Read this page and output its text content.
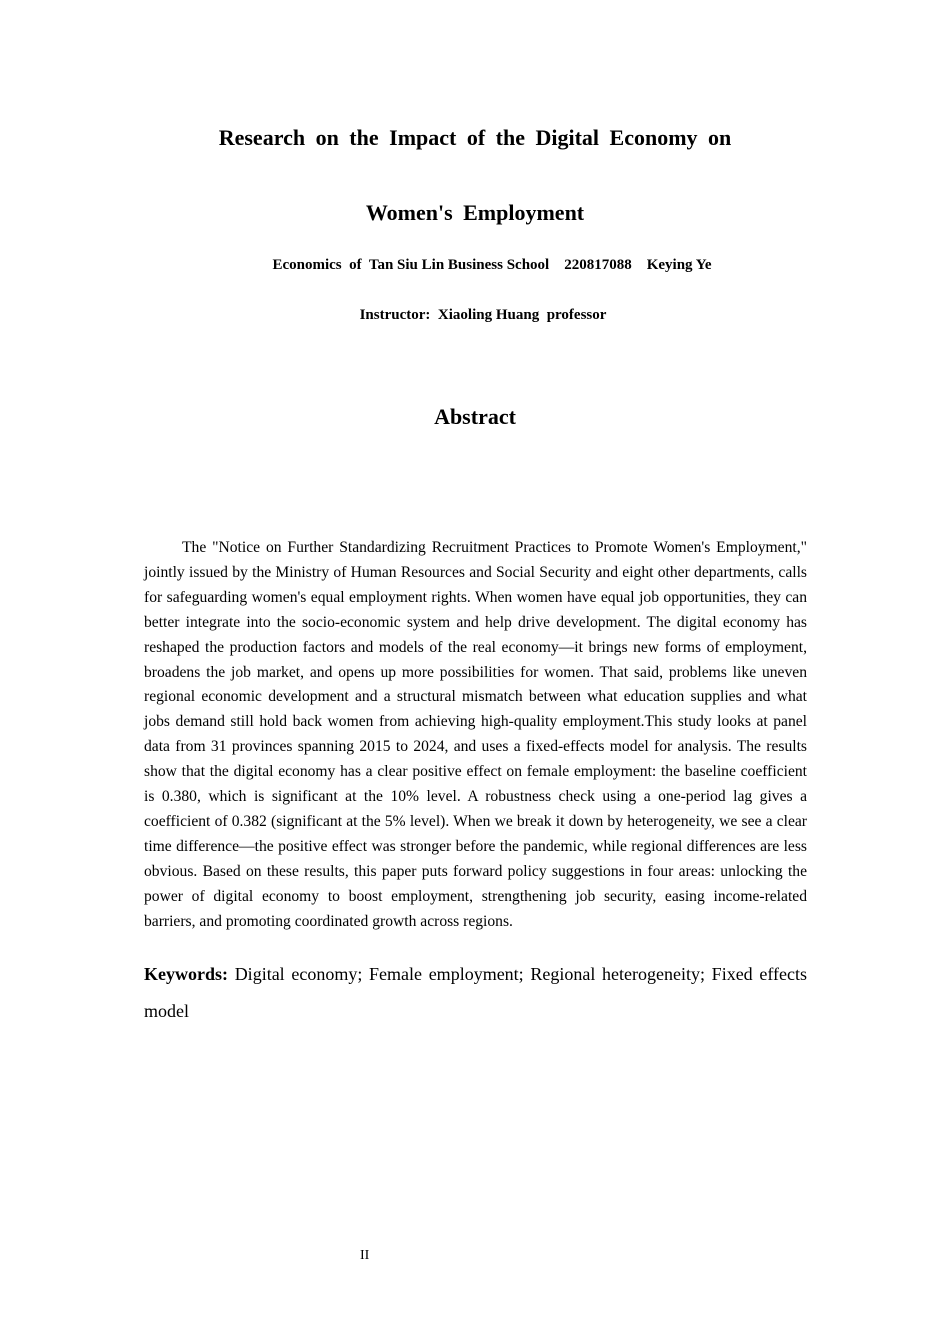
Research on the Impact of the Digital Economy on
Women's Employment

Economics  of  Tan Siu Lin Business School    220817088    Keying Ye

Instructor:  Xiaoling Huang  professor

Abstract

The "Notice on Further Standardizing Recruitment Practices to Promote Women's Employment," jointly issued by the Ministry of Human Resources and Social Security and eight other departments, calls for safeguarding women's equal employment rights. When women have equal job opportunities, they can better integrate into the socio-economic system and help drive development. The digital economy has reshaped the production factors and models of the real economy—it brings new forms of employment, broadens the job market, and opens up more possibilities for women. That said, problems like uneven regional economic development and a structural mismatch between what education supplies and what jobs demand still hold back women from achieving high-quality employment.This study looks at panel data from 31 provinces spanning 2015 to 2024, and uses a fixed-effects model for analysis. The results show that the digital economy has a clear positive effect on female employment: the baseline coefficient is 0.380, which is significant at the 10% level. A robustness check using a one-period lag gives a coefficient of 0.382 (significant at the 5% level). When we break it down by heterogeneity, we see a clear time difference—the positive effect was stronger before the pandemic, while regional differences are less obvious. Based on these results, this paper puts forward policy suggestions in four areas: unlocking the power of digital economy to boost employment, strengthening job security, easing income-related barriers, and promoting coordinated growth across regions.

Keywords: Digital economy; Female employment; Regional heterogeneity; Fixed effects model

II
